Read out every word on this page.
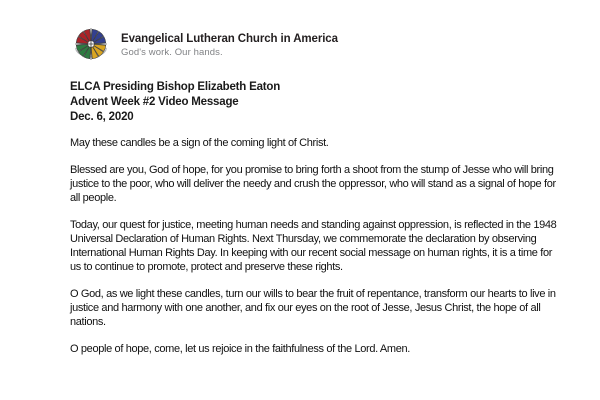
Evangelical Lutheran Church in America
God's work. Our hands.
ELCA Presiding Bishop Elizabeth Eaton
Advent Week #2 Video Message
Dec. 6, 2020

May these candles be a sign of the coming light of Christ.

Blessed are you, God of hope, for you promise to bring forth a shoot from the stump of Jesse who will bring justice to the poor, who will deliver the needy and crush the oppressor, who will stand as a signal of hope for all people.

Today, our quest for justice, meeting human needs and standing against oppression, is reflected in the 1948 Universal Declaration of Human Rights. Next Thursday, we commemorate the declaration by observing International Human Rights Day. In keeping with our recent social message on human rights, it is a time for us to continue to promote, protect and preserve these rights.

O God, as we light these candles, turn our wills to bear the fruit of repentance, transform our hearts to live in justice and harmony with one another, and fix our eyes on the root of Jesse, Jesus Christ, the hope of all nations.

O people of hope, come, let us rejoice in the faithfulness of the Lord. Amen.
